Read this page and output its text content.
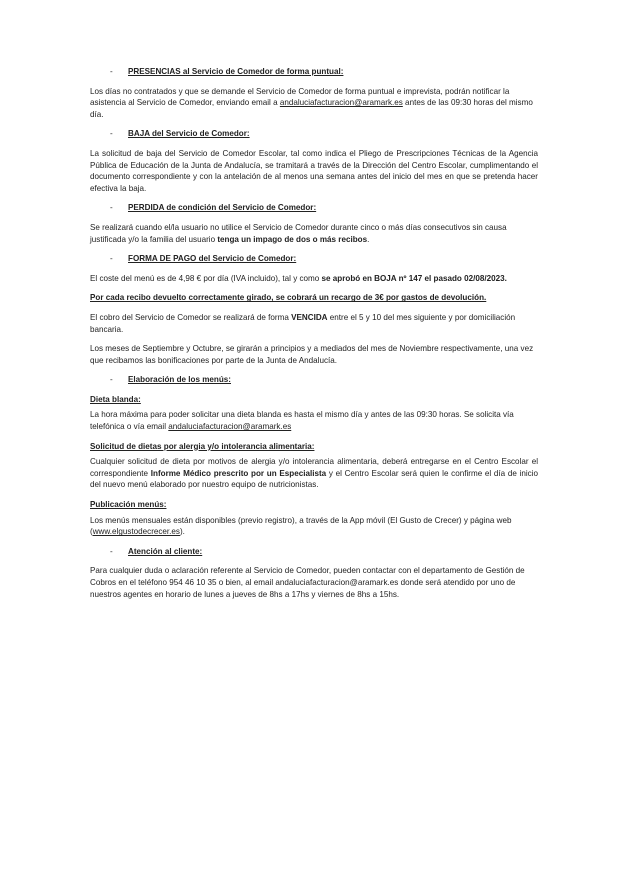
-	PRESENCIAS al Servicio de Comedor de forma puntual:

Los días no contratados y que se demande el Servicio de Comedor de forma puntual e imprevista, podrán notificar la asistencia al Servicio de Comedor, enviando email a andaluciafacturacion@aramark.es antes de las 09:30 horas del mismo día.

-	BAJA del Servicio de Comedor:

La solicitud de baja del Servicio de Comedor Escolar, tal como indica el Pliego de Prescripciones Técnicas de la Agencia Pública de Educación de la Junta de Andalucía, se tramitará a través de la Dirección del Centro Escolar, cumplimentando el documento correspondiente y con la antelación de al menos una semana antes del inicio del mes en que se pretenda hacer efectiva la baja.

-	PERDIDA de condición del Servicio de Comedor:

Se realizará cuando el/la usuario no utilice el Servicio de Comedor durante cinco o más días consecutivos sin causa justificada y/o la familia del usuario tenga un impago de dos o más recibos.

-	FORMA DE PAGO del Servicio de Comedor:

El coste del menú es de 4,98 € por día (IVA incluido), tal y como se aprobó en BOJA nº 147 el pasado 02/08/2023.

Por cada recibo devuelto correctamente girado, se cobrará un recargo de 3€ por gastos de devolución.

El cobro del Servicio de Comedor se realizará de forma VENCIDA entre el 5 y 10 del mes siguiente y por domiciliación bancaria.

Los meses de Septiembre y Octubre, se girarán a principios y a mediados del mes de Noviembre respectivamente, una vez que recibamos las bonificaciones por parte de la Junta de Andalucía.

-	Elaboración de los menús:
Dieta blanda:

La hora máxima para poder solicitar una dieta blanda es hasta el mismo día y antes de las 09:30 horas. Se solicita vía telefónica o vía email andaluciafacturacion@aramark.es

Solicitud de dietas por alergia y/o intolerancia alimentaria:

Cualquier solicitud de dieta por motivos de alergia y/o intolerancia alimentaria, deberá entregarse en el Centro Escolar el correspondiente Informe Médico prescrito por un Especialista y el Centro Escolar será quien le confirme el día de inicio del nuevo menú elaborado por nuestro equipo de nutricionistas.

Publicación menús:

Los menús mensuales están disponibles (previo registro), a través de la App móvil (El Gusto de Crecer) y página web (www.elgustodecrecer.es).

-	Atención al cliente:

Para cualquier duda o aclaración referente al Servicio de Comedor, pueden contactar con el departamento de Gestión de Cobros en el teléfono 954 46 10 35 o bien, al email andaluciafacturacion@aramark.es donde será atendido por uno de nuestros agentes en horario de lunes a jueves de 8hs a 17hs y viernes de 8hs a 15hs.
